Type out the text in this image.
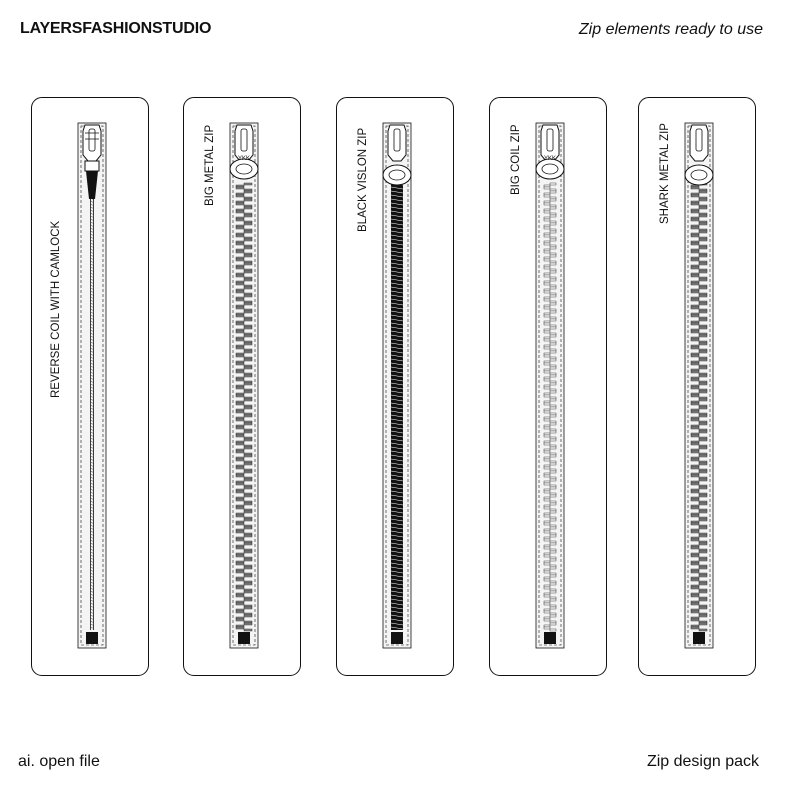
LAYERSFASHIONSTUDIO	Zip elements ready to use
REVERSE COIL WITH CAMLOCK
BIG METAL ZIP	YKK	BLACK VISLON ZIP	BIG COIL ZIP	YKK	SHARK METAL ZIP
ai. open file	Zip design pack
